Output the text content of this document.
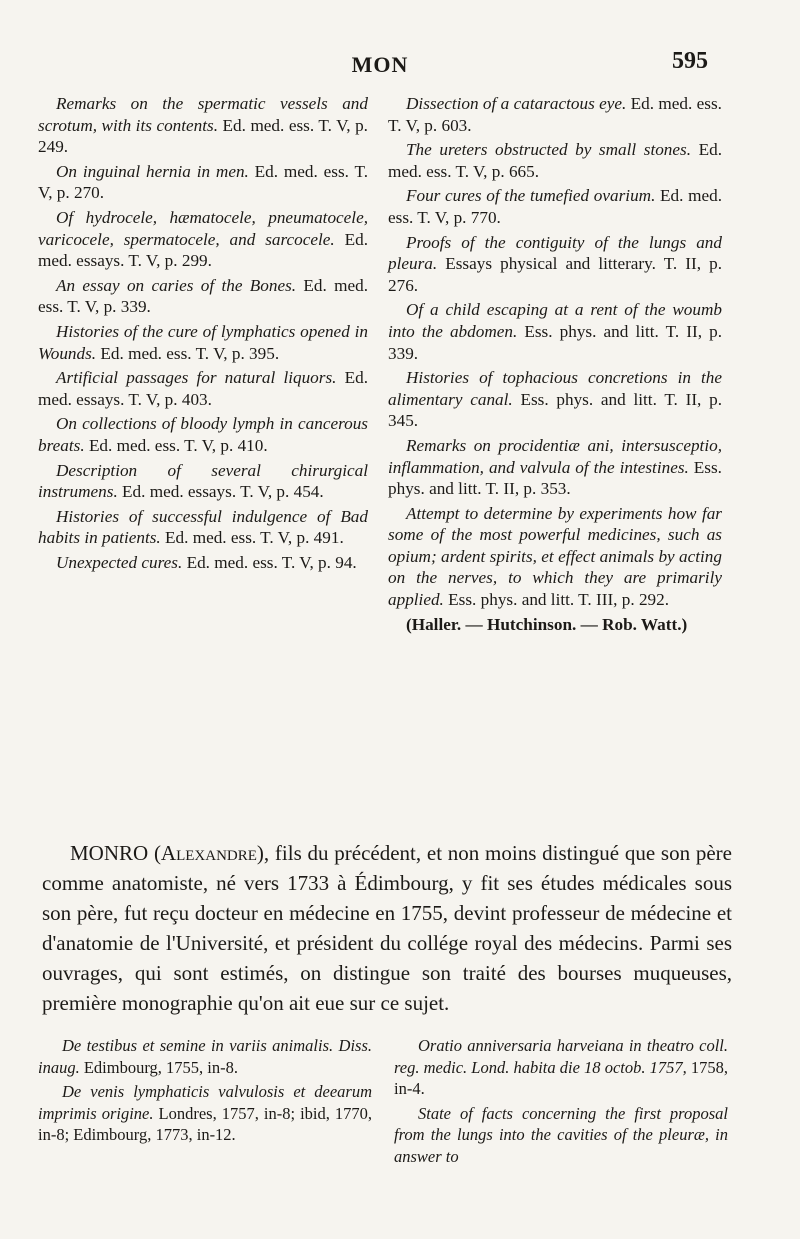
MON	595

Remarks on the spermatic vessels and scrotum, with its contents. Ed. med. ess. T. V, p. 249.

On inguinal hernia in men. Ed. med. ess. T. V, p. 270.

Of hydrocele, hæmatocele, pneumatocele, varicocele, spermatocele, and sarcocele. Ed. med. essays. T. V, p. 299.

An essay on caries of the Bones. Ed. med. ess. T. V, p. 339.

Histories of the cure of lymphatics opened in Wounds. Ed. med. ess. T. V, p. 395.

Artificial passages for natural liquors. Ed. med. essays. T. V, p. 403.

On collections of bloody lymph in cancerous breats. Ed. med. ess. T. V, p. 410.

Description of several chirurgical instrumens. Ed. med. essays. T. V, p. 454.

Histories of successful indulgence of Bad habits in patients. Ed. med. ess. T. V, p. 491.

Unexpected cures. Ed. med. ess. T. V, p. 94.

Dissection of a cataractous eye. Ed. med. ess. T. V, p. 603.

The ureters obstructed by small stones. Ed. med. ess. T. V, p. 665.

Four cures of the tumefied ovarium. Ed. med. ess. T. V, p. 770.

Proofs of the contiguity of the lungs and pleura. Essays physical and litterary. T. II, p. 276.

Of a child escaping at a rent of the woumb into the abdomen. Ess. phys. and litt. T. II, p. 339.

Histories of tophacious concretions in the alimentary canal. Ess. phys. and litt. T. II, p. 345.

Remarks on procidentiæ ani, intersusceptio, inflammation, and valvula of the intestines. Ess. phys. and litt. T. II, p. 353.

Attempt to determine by experiments how far some of the most powerful medicines, such as opium; ardent spirits, et effect animals by acting on the nerves, to which they are primarily applied. Ess. phys. and litt. T. III, p. 292.

(Haller. — Hutchinson. — Rob. Watt.)

MONRO (Alexandre), fils du précédent, et non moins distingué que son père comme anatomiste, né vers 1733 à Édimbourg, y fit ses études médicales sous son père, fut reçu docteur en médecine en 1755, devint professeur de médecine et d'anatomie de l'Université, et président du collége royal des médecins. Parmi ses ouvrages, qui sont estimés, on distingue son traité des bourses muqueuses, première monographie qu'on ait eue sur ce sujet.

De testibus et semine in variis animalis. Diss. inaug. Edimbourg, 1755, in-8.

De venis lymphaticis valvulosis et deearum imprimis origine. Londres, 1757, in-8; ibid, 1770, in-8; Edimbourg, 1773, in-12.

Oratio anniversaria harveiana in theatro coll. reg. medic. Lond. habita die 18 octob. 1757, 1758, in-4.

State of facts concerning the first proposal from the lungs into the cavities of the pleuræ, in answer to
